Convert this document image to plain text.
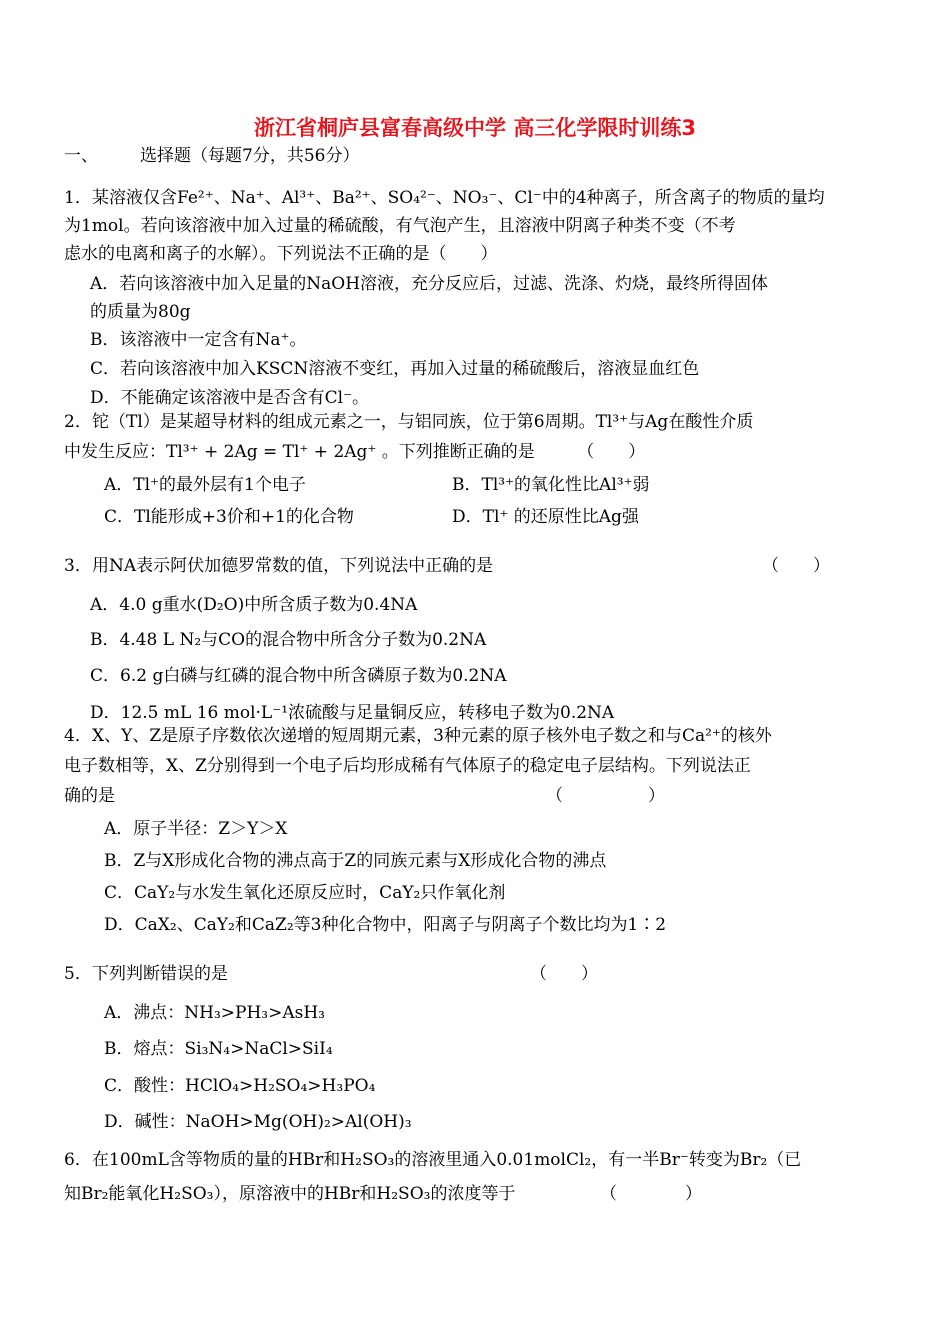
浙江省桐庐县富春高级中学 高三化学限时训练3
一、 选择题（每题7分，共56分）
1． 某溶液仅含Fe²⁺、Na⁺、Al³⁺、Ba²⁺、SO₄²⁻、NO₃⁻、Cl⁻中的4种离子，所含离子的物质的量均
为1mol。若向该溶液中加入过量的稀硫酸，有气泡产生，且溶液中阴离子种类不变（不考
虑水的电离和离子的水解）。下列说法不正确的是（　　）
A．若向该溶液中加入足量的NaOH溶液，充分反应后，过滤、洗涤、灼烧，最终所得固体
的质量为80g
B．该溶液中一定含有Na⁺。
C．若向该溶液中加入KSCN溶液不变红，再加入过量的稀硫酸后，溶液显血红色
D．不能确定该溶液中是否含有Cl⁻。
2． 铊（Tl）是某超导材料的组成元素之一，与铝同族，位于第6周期。Tl³⁺与Ag在酸性介质
中发生反应：Tl³⁺ + 2Ag = Tl⁺ + 2Ag⁺ 。下列推断正确的是　　　（　　）
A．Tl⁺的最外层有1个电子	B．Tl³⁺的氧化性比Al³⁺弱
C．Tl能形成+3价和+1的化合物	D．Tl⁺ 的还原性比Ag强
3． 用NA表示阿伏加德罗常数的值，下列说法中正确的是	（　　）
A．4.0 g重水(D₂O)中所含质子数为0.4NA
B．4.48 L N₂与CO的混合物中所含分子数为0.2NA
C．6.2 g白磷与红磷的混合物中所含磷原子数为0.2NA
D．12.5 mL 16 mol·L⁻¹浓硫酸与足量铜反应，转移电子数为0.2NA
4． X、Y、Z是原子序数依次递增的短周期元素，3种元素的原子核外电子数之和与Ca²⁺的核外
电子数相等，X、Z分别得到一个电子后均形成稀有气体原子的稳定电子层结构。下列说法正
确的是	（　　　　　）
A．原子半径：Z＞Y＞X
B．Z与X形成化合物的沸点高于Z的同族元素与X形成化合物的沸点
C．CaY₂与水发生氧化还原反应时，CaY₂只作氧化剂
D．CaX₂、CaY₂和CaZ₂等3种化合物中，阳离子与阴离子个数比均为1∶2
5． 下列判断错误的是	（　　）
A．沸点：NH₃>PH₃>AsH₃
B．熔点：Si₃N₄>NaCl>SiI₄
C．酸性：HClO₄>H₂SO₄>H₃PO₄
D．碱性：NaOH>Mg(OH)₂>Al(OH)₃
6． 在100mL含等物质的量的HBr和H₂SO₃的溶液里通入0.01molCl₂，有一半Br⁻转变为Br₂（已
知Br₂能氧化H₂SO₃），原溶液中的HBr和H₂SO₃的浓度等于	（　　　　）
